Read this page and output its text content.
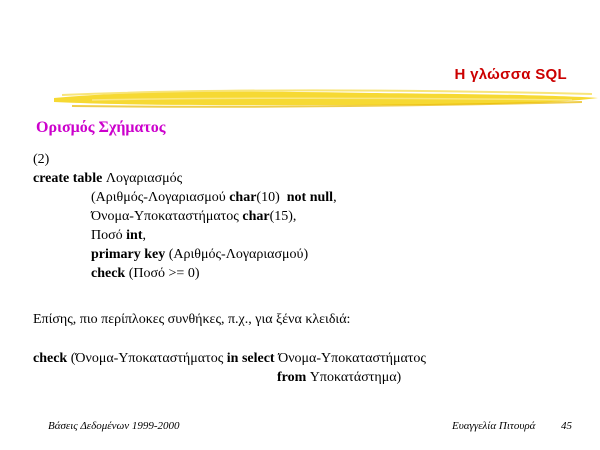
Η γλώσσα SQL
Ορισμός Σχήματος
(2)
create table Λογαριασμός
(Αριθμός-Λογαριασμού char(10)  not null,
Όνομα-Υποκαταστήματος char(15),
Ποσό int,
primary key (Αριθμός-Λογαριασμού)
check (Ποσό >= 0)
Επίσης, πιο περίπλοκες συνθήκες, π.χ., για ξένα κλειδιά:
check (Όνομα-Υποκαταστήματος in select Όνομα-Υποκαταστήματος
from Υποκατάστημα)
Βάσεις Δεδομένων 1999-2000	Ευαγγελία Πιτουρά 45
